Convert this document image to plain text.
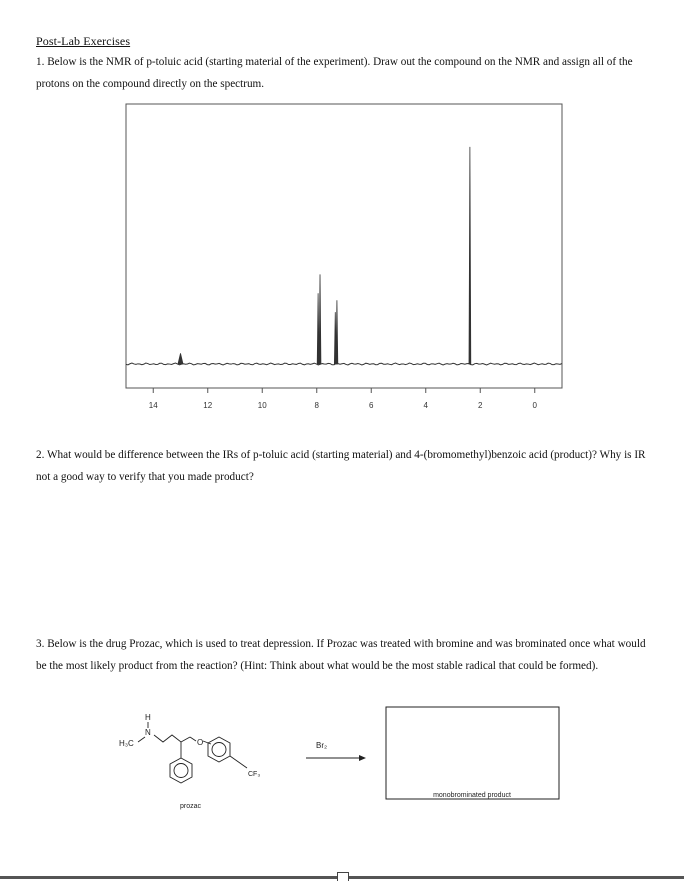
Post-Lab Exercises
1. Below is the NMR of p-toluic acid (starting material of the experiment). Draw out the compound on the NMR and assign all of the protons on the compound directly on the spectrum.
14	12	10	8	6	4	2	0
2. What would be difference between the IRs of p-toluic acid (starting material) and 4-(bromomethyl)benzoic acid (product)? Why is IR not a good way to verify that you made product?
3. Below is the drug Prozac, which is used to treat depression. If Prozac was treated with bromine and was brominated once what would be the most likely product from the reaction? (Hint: Think about what would be the most stable radical that could be formed).
H
N
H₃C	O
CF₃
prozac
Br₂
monobrominated product
